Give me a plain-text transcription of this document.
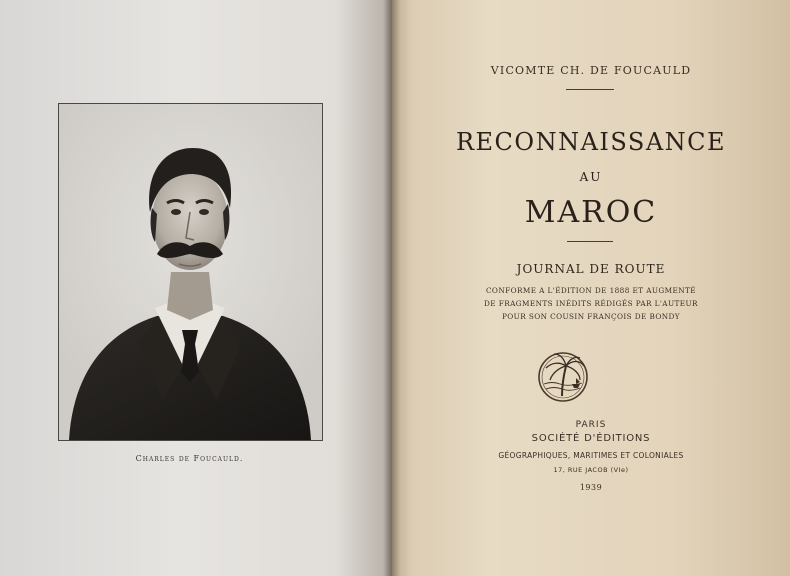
Charles de Foucauld.
VICOMTE CH. DE FOUCAULD
RECONNAISSANCE
AU
MAROC
JOURNAL DE ROUTE
CONFORME A L'ÉDITION DE 1888 ET AUGMENTÉ
DE FRAGMENTS INÉDITS RÉDIGÉS PAR L'AUTEUR
POUR SON COUSIN FRANÇOIS DE BONDY
PARIS
SOCIÉTÉ D'ÉDITIONS
GÉOGRAPHIQUES, MARITIMES ET COLONIALES
17, RUE JACOB (VIe)
1939
